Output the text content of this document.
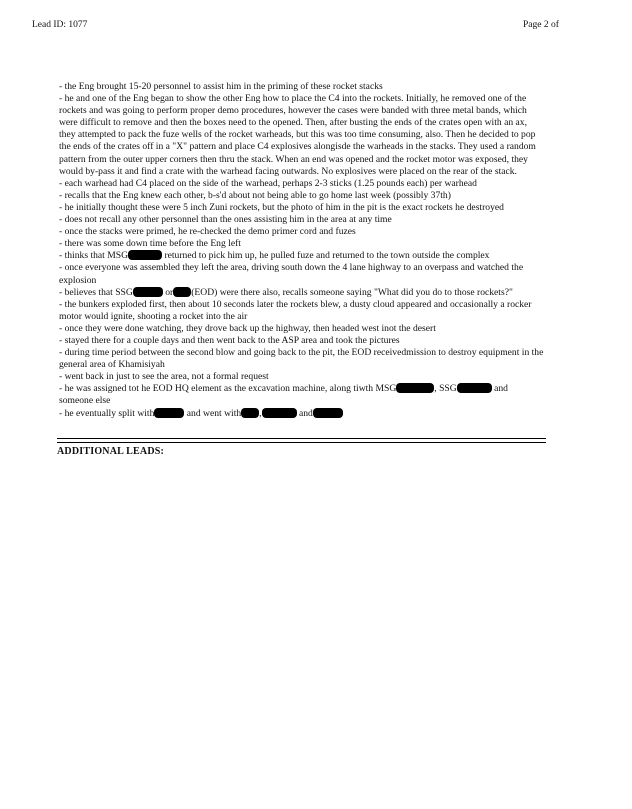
Lead ID: 1077	Page 2 of

- the Eng brought 15-20 personnel to assist him in the priming of these rocket stacks

- he and one of the Eng began to show the other Eng how to place the C4 into the rockets. Initially, he removed one of the rockets and was going to perform proper demo procedures, however the cases were banded with three metal bands, which were difficult to remove and then the boxes need to the opened. Then, after busting the ends of the crates open with an ax, they attempted to pack the fuze wells of the rocket warheads, but this was too time consuming, also. Then he decided to pop the ends of the crates off in a "X" pattern and place C4 explosives alongisde the warheads in the stacks. They used a random pattern from the outer upper corners then thru the stack. When an end was opened and the rocket motor was exposed, they would by-pass it and find a crate with the warhead facing outwards. No explosives were placed on the rear of the stack.

- each warhead had C4 placed on the side of the warhead, perhaps 2-3 sticks (1.25 pounds each) per warhead

- recalls that the Eng knew each other, b-s'd about not being able to go home last week (possibly 37th)

- he initially thought these were 5 inch Zuni rockets, but the photo of him in the pit is the exact rockets he destroyed

- does not recall any other personnel than the ones assisting him in the area at any time

- once the stacks were primed, he re-checked the demo primer cord and fuzes

- there was some down time before the Eng left

- thinks that MSG	returned to pick him up, he pulled fuze and returned to the town outside the complex

- once everyone was assembled they left the area, driving south down the 4 lane highway to an overpass and watched the explosion

- believes that SSG	or (EOD) were there also, recalls someone saying "What did you do to those rockets?"

- the bunkers exploded first, then about 10 seconds later the rockets blew, a dusty cloud appeared and occasionally a rocker motor would ignite, shooting a rocket into the air

- once they were done watching, they drove back up the highway, then headed west inot the desert

- stayed there for a couple days and then went back to the ASP area and took the pictures

- during time period between the second blow and going back to the pit, the EOD receivedmission to destroy equipment in the general area of Khamisiyah

- went back in just to see the area, not a formal request

- he was assigned tot he EOD HQ element as the excavation machine, along tiwth MSG	, SSG	and someone else

- he eventually split with	and went with ,	and

ADDITIONAL LEADS:
